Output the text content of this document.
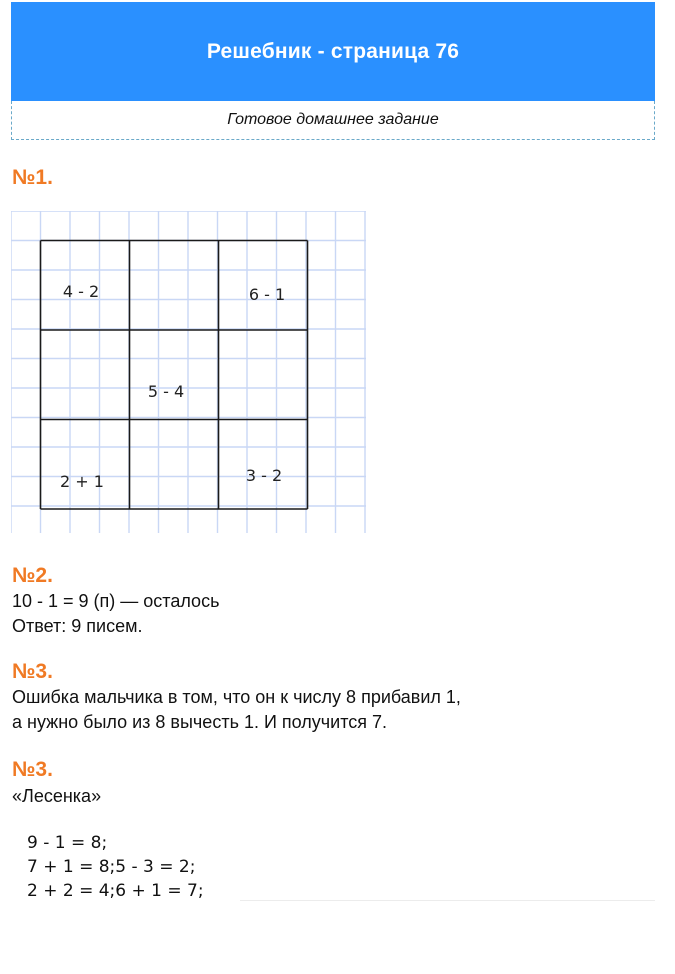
Решебник - страница 76
Готовое домашнее задание
№1.
4 - 2	6 - 1
5 - 4
2 + 1	3 - 2
№2.
10 - 1 = 9 (п) — осталось
Ответ: 9 писем.
№3.
Ошибка мальчика в том, что он к числу 8 прибавил 1,
а нужно было из 8 вычесть 1. И получится 7.
№3.
«Лесенка»
9 - 1 = 8;
7 + 1 = 8;5 - 3 = 2;
2 + 2 = 4;6 + 1 = 7;
